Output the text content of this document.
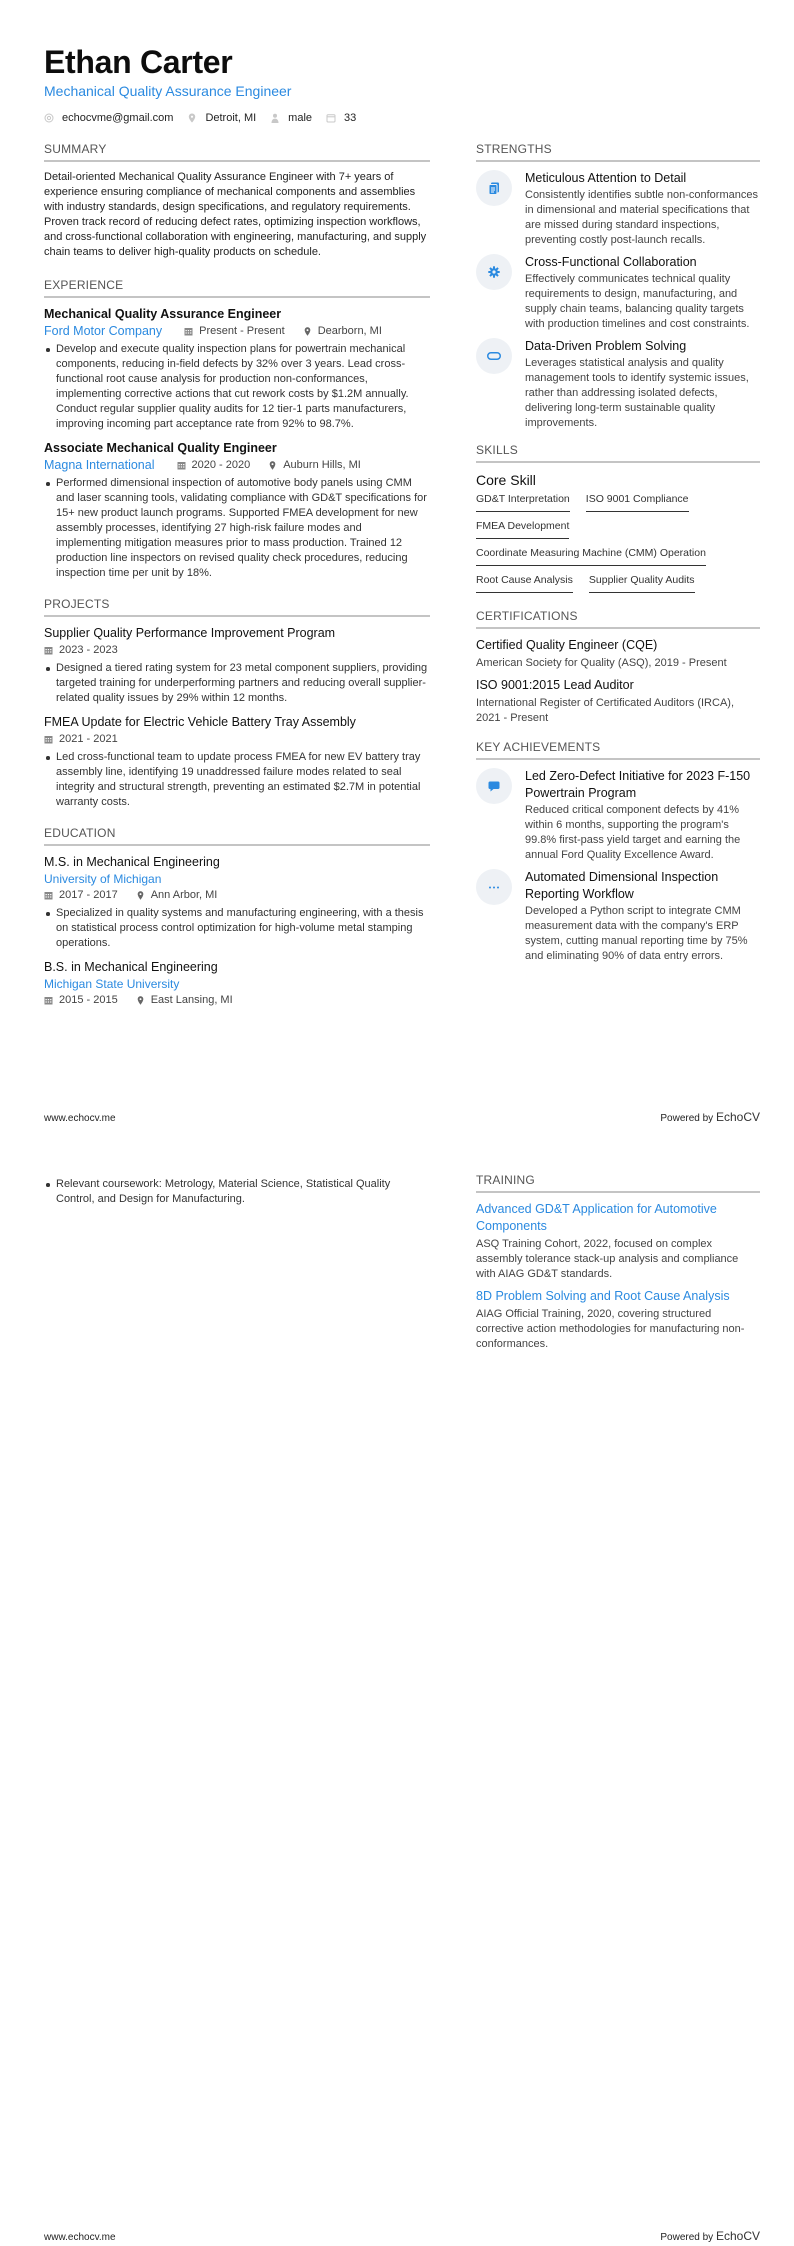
Ethan Carter
Mechanical Quality Assurance Engineer
echocvme@gmail.com	Detroit, MI	male	33
SUMMARY
Detail-oriented Mechanical Quality Assurance Engineer with 7+ years of experience ensuring compliance of mechanical components and assemblies with industry standards, design specifications, and regulatory requirements. Proven track record of reducing defect rates, optimizing inspection workflows, and cross-functional collaboration with engineering, manufacturing, and supply chain teams to deliver high-quality products on schedule.
EXPERIENCE
Mechanical Quality Assurance Engineer
Ford Motor Company	Present - Present	Dearborn, MI
Develop and execute quality inspection plans for powertrain mechanical components, reducing in-field defects by 32% over 3 years. Lead cross-functional root cause analysis for production non-conformances, implementing corrective actions that cut rework costs by $1.2M annually. Conduct regular supplier quality audits for 12 tier-1 parts manufacturers, improving incoming part acceptance rate from 92% to 98.7%.
Associate Mechanical Quality Engineer
Magna International	2020 - 2020	Auburn Hills, MI
Performed dimensional inspection of automotive body panels using CMM and laser scanning tools, validating compliance with GD&T specifications for 15+ new product launch programs. Supported FMEA development for new assembly processes, identifying 27 high-risk failure modes and implementing mitigation measures prior to mass production. Trained 12 production line inspectors on revised quality check procedures, reducing inspection time per unit by 18%.
PROJECTS
Supplier Quality Performance Improvement Program
2023 - 2023
Designed a tiered rating system for 23 metal component suppliers, providing targeted training for underperforming partners and reducing overall supplier-related quality issues by 29% within 12 months.
FMEA Update for Electric Vehicle Battery Tray Assembly
2021 - 2021
Led cross-functional team to update process FMEA for new EV battery tray assembly line, identifying 19 unaddressed failure modes related to seal integrity and structural strength, preventing an estimated $2.7M in potential warranty costs.
EDUCATION
M.S. in Mechanical Engineering
University of Michigan
2017 - 2017	Ann Arbor, MI
Specialized in quality systems and manufacturing engineering, with a thesis on statistical process control optimization for high-volume metal stamping operations.
B.S. in Mechanical Engineering
Michigan State University
2015 - 2015	East Lansing, MI
STRENGTHS
Meticulous Attention to Detail
Consistently identifies subtle non-conformances in dimensional and material specifications that are missed during standard inspections, preventing costly post-launch recalls.
Cross-Functional Collaboration
Effectively communicates technical quality requirements to design, manufacturing, and supply chain teams, balancing quality targets with production timelines and cost constraints.
Data-Driven Problem Solving
Leverages statistical analysis and quality management tools to identify systemic issues, rather than addressing isolated defects, delivering long-term sustainable quality improvements.
SKILLS
Core Skill
GD&T Interpretation ISO 9001 Compliance
FMEA Development
Coordinate Measuring Machine (CMM) Operation
Root Cause Analysis Supplier Quality Audits
CERTIFICATIONS
Certified Quality Engineer (CQE)
American Society for Quality (ASQ), 2019 - Present
ISO 9001:2015 Lead Auditor
International Register of Certificated Auditors (IRCA), 2021 - Present
KEY ACHIEVEMENTS
Led Zero-Defect Initiative for 2023 F-150 Powertrain Program
Reduced critical component defects by 41% within 6 months, supporting the program's 99.8% first-pass yield target and earning the annual Ford Quality Excellence Award.
Automated Dimensional Inspection Reporting Workflow
Developed a Python script to integrate CMM measurement data with the company's ERP system, cutting manual reporting time by 75% and eliminating 90% of data entry errors.
www.echocv.me	Powered by EchoCV
Relevant coursework: Metrology, Material Science, Statistical Quality Control, and Design for Manufacturing.
TRAINING
Advanced GD&T Application for Automotive Components
ASQ Training Cohort, 2022, focused on complex assembly tolerance stack-up analysis and compliance with AIAG GD&T standards.
8D Problem Solving and Root Cause Analysis
AIAG Official Training, 2020, covering structured corrective action methodologies for manufacturing non-conformances.
www.echocv.me	Powered by EchoCV
